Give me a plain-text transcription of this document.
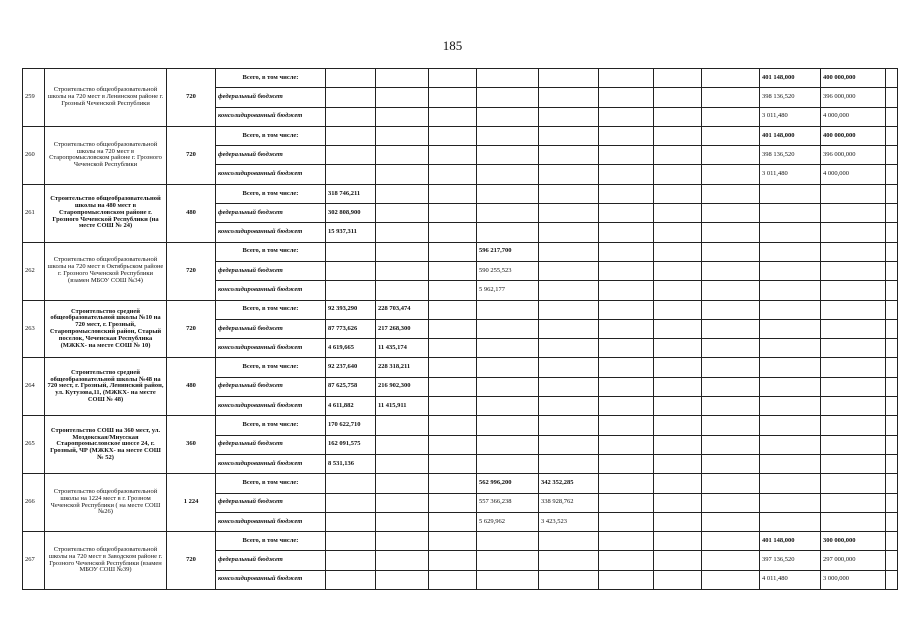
185
259	Строительство общеобразовательной школы на 720 мест в Ленинском районе г. Грозный Чеченской Республики	720	Всего, в том числе:									401 148,000	400 000,000	
			федеральный бюджет									398 136,520	396 000,000	
			консолидированный бюджет									3 011,480	4 000,000	
260	Строительство общеобразовательной школы на 720 мест в Старопромысловском районе г. Грозного Чеченской Республики	720	Всего, в том числе:									401 148,000	400 000,000	
			федеральный бюджет									398 136,520	396 000,000	
			консолидированный бюджет									3 011,480	4 000,000	
261	Строительство общеобразовательной школы на 480 мест в Старопромысловском районе г. Грозного Чеченской Республики (на месте СОШ № 24)	480	Всего, в том числе:	318 746,211										
			федеральный бюджет	302 808,900										
			консолидированный бюджет	15 937,311										
262	Строительство общеобразовательной школы на 720 мест в Октябрьском районе г. Грозного Чеченской Республики (взамен МБОУ СОШ №34)	720	Всего, в том числе:				596 217,700							
			федеральный бюджет				590 255,523							
			консолидированный бюджет				5 962,177							
263	Строительство средней общеобразовательной школы №10 на 720 мест, г. Грозный, Старопромысловский район, Старый поселок, Чеченская Республика (МЖКХ- на месте СОШ № 10)	720	Всего, в том числе:	92 393,290	228 703,474									
			федеральный бюджет	87 773,626	217 268,300									
			консолидированный бюджет	4 619,665	11 435,174									
264	Строительство средней общеобразовательной школы №48 на 720 мест, г. Грозный, Ленинский район, ул. Кутузова,11, (МЖКХ- на месте СОШ № 48)	480	Всего, в том числе:	92 237,640	228 318,211									
			федеральный бюджет	87 625,758	216 902,300									
			консолидированный бюджет	4 611,882	11 415,911									
265	Строительство СОШ на 360 мест, ул. Моздокская/Миусская Старопромысловское шоссе 24, г. Грозный, ЧР (МЖКХ- на месте СОШ № 52)	360	Всего, в том числе:	170 622,710										
			федеральный бюджет	162 091,575										
			консолидированный бюджет	8 531,136										
266	Строительство общеобразовательной школы на 1224 мест в г. Грозном Чеченской Республики ( на месте СОШ №26)	1 224	Всего, в том числе:				562 996,200	342 352,285						
			федеральный бюджет				557 366,238	338 928,762						
			консолидированный бюджет				5 629,962	3 423,523						
267	Строительство общеобразовательной школы на 720 мест в Заводском районе г. Грозного Чеченской Республики (взамен МБОУ СОШ №39)	720	Всего, в том числе:									401 148,000	300 000,000	
			федеральный бюджет									397 136,520	297 000,000	
			консолидированный бюджет									4 011,480	3 000,000	
